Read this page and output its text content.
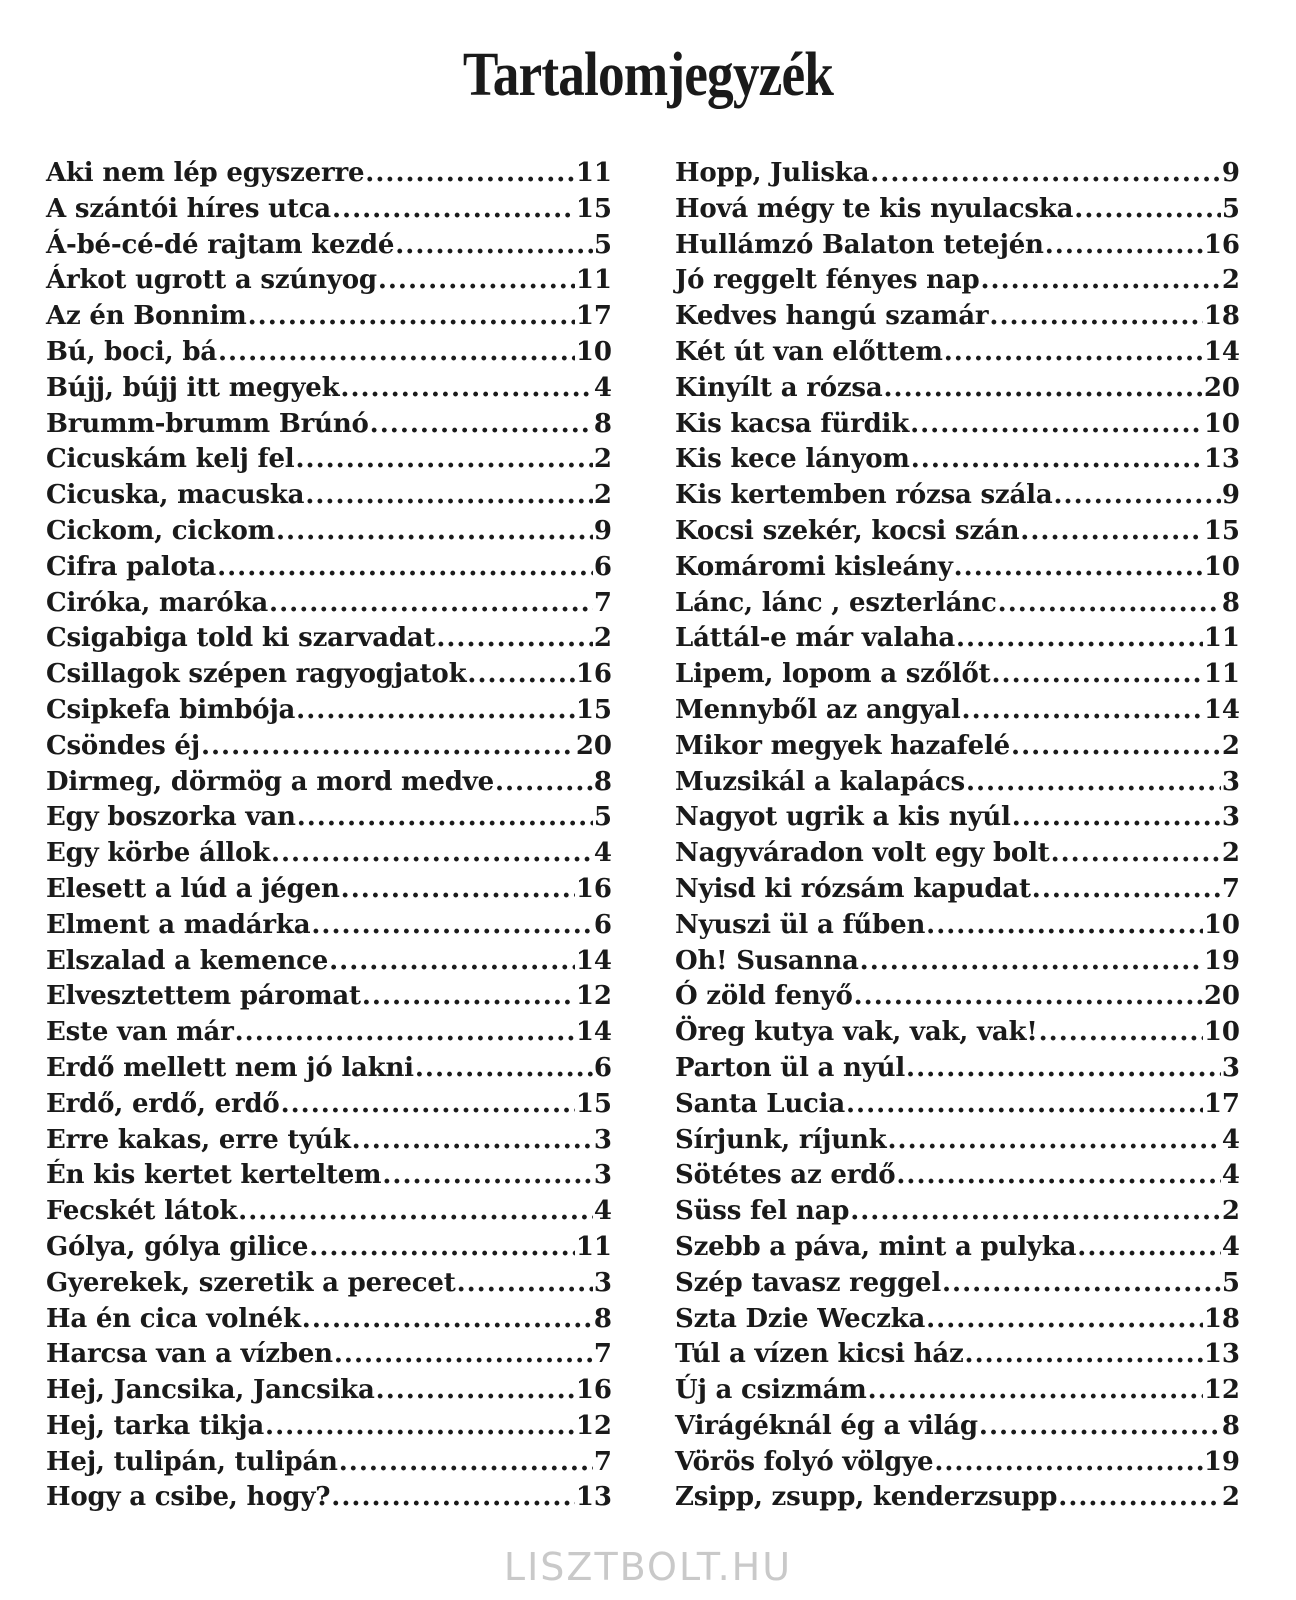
Tartalomjegyzék
Aki nem lép egyszerre .....	11
A szántói híres utca .....	15
Á-bé-cé-dé rajtam kezdé .....	5
Árkot ugrott a szúnyog .....	11
Az én Bonnim .....	17
Bú, boci, bá .....	10
Bújj, bújj itt megyek .....	4
Brumm-brumm Brúnó .....	8
Cicuskám kelj fel .....	2
Cicuska, macuska .....	2
Cickom, cickom .....	9
Cifra palota .....	6
Ciróka, maróka .....	7
Csigabiga told ki szarvadat .....	2
Csillagok szépen ragyogjatok .....	16
Csipkefa bimbója .....	15
Csöndes éj .....	20
Dirmeg, dörmög a mord medve .....	8
Egy boszorka van .....	5
Egy körbe állok .....	4
Elesett a lúd a jégen .....	16
Elment a madárka .....	6
Elszalad a kemence .....	14
Elvesztettem páromat .....	12
Este van már .....	14
Erdő mellett nem jó lakni .....	6
Erdő, erdő, erdő .....	15
Erre kakas, erre tyúk .....	3
Én kis kertet kerteltem .....	3
Fecskét látok .....	4
Gólya, gólya gilice .....	11
Gyerekek, szeretik a perecet .....	3
Ha én cica volnék .....	8
Harcsa van a vízben .....	7
Hej, Jancsika, Jancsika .....	16
Hej, tarka tikja .....	12
Hej, tulipán, tulipán .....	7
Hogy a csibe, hogy? .....	13
Hopp, Juliska .....	9
Hová mégy te kis nyulacska .....	5
Hullámzó Balaton tetején .....	16
Jó reggelt fényes nap .....	2
Kedves hangú szamár .....	18
Két út van előttem .....	14
Kinyílt a rózsa .....	20
Kis kacsa fürdik .....	10
Kis kece lányom .....	13
Kis kertemben rózsa szála .....	9
Kocsi szekér, kocsi szán .....	15
Komáromi kisleány .....	10
Lánc, lánc , eszterlánc .....	8
Láttál-e már valaha .....	11
Lipem, lopom a szőlőt .....	11
Mennyből az angyal .....	14
Mikor megyek hazafelé .....	2
Muzsikál a kalapács .....	3
Nagyot ugrik a kis nyúl .....	3
Nagyváradon volt egy bolt .....	2
Nyisd ki rózsám kapudat .....	7
Nyuszi ül a fűben .....	10
Oh! Susanna .....	19
Ó zöld fenyő .....	20
Öreg kutya vak, vak, vak! .....	10
Parton ül a nyúl .....	3
Santa Lucia .....	17
Sírjunk, ríjunk .....	4
Sötétes az erdő .....	4
Süss fel nap .....	2
Szebb a páva, mint a pulyka .....	4
Szép tavasz reggel .....	5
Szta Dzie Weczka .....	18
Túl a vízen kicsi ház .....	13
Új a csizmám .....	12
Virágéknál ég a világ .....	8
Vörös folyó völgye .....	19
Zsipp, zsupp, kenderzsupp .....	2
LISZTBOLT.HU
